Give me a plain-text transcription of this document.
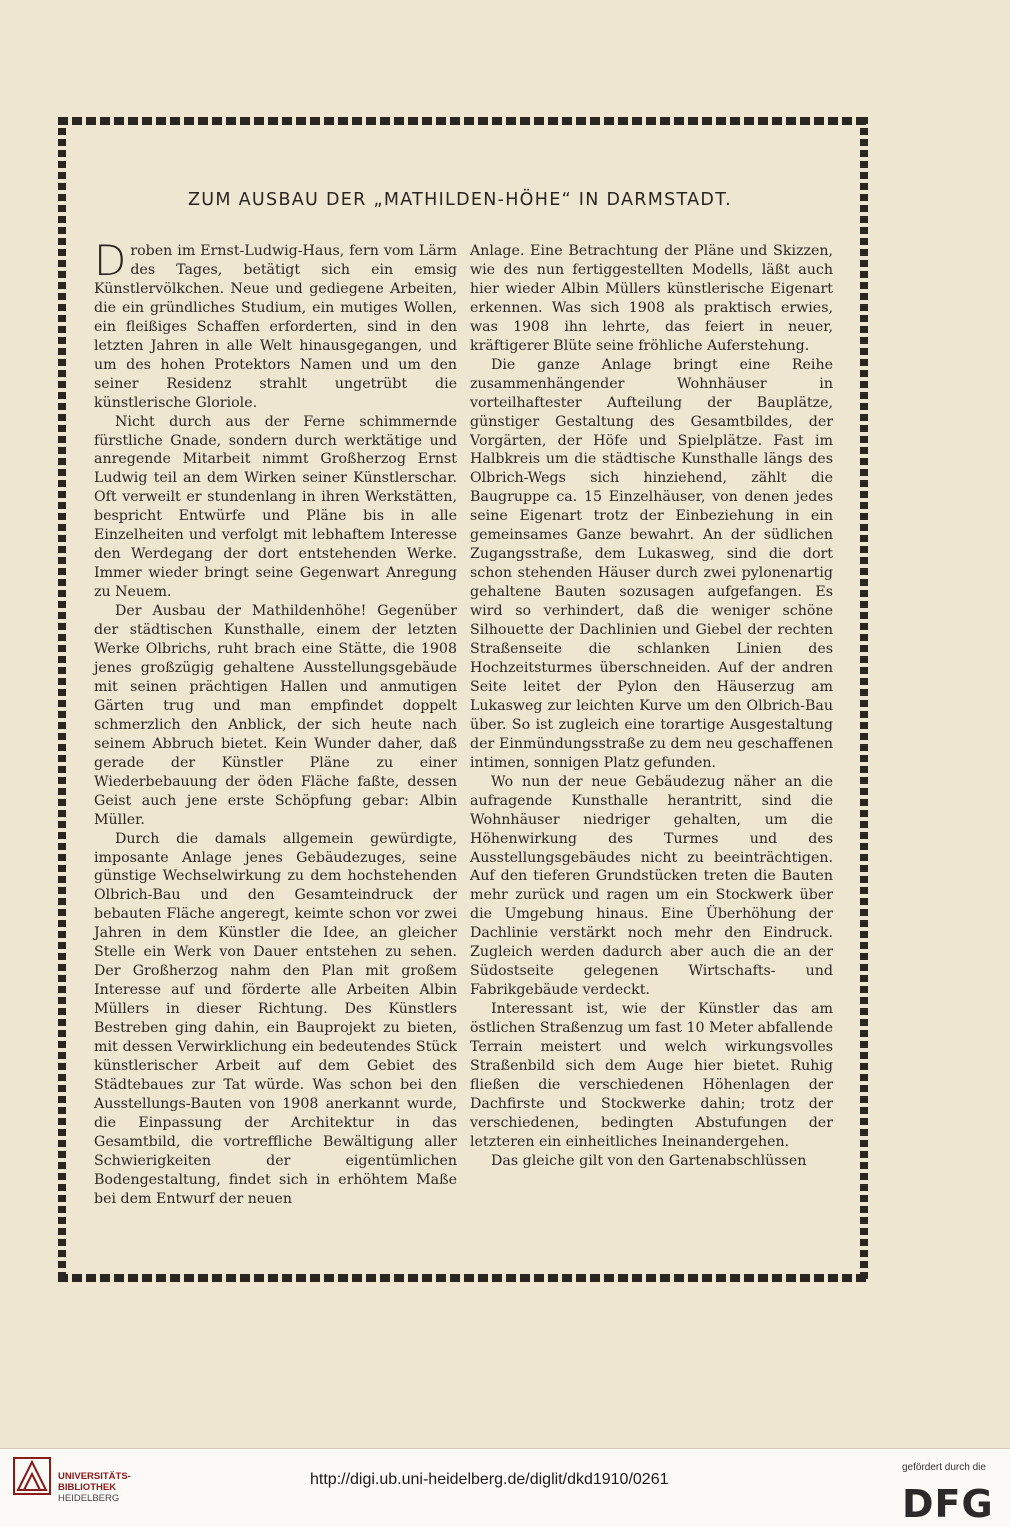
ZUM AUSBAU DER „MATHILDEN-HÖHE“ IN DARMSTADT.

Droben im Ernst-Ludwig-Haus, fern vom Lärm des Tages, betätigt sich ein emsig Künstlervölkchen. Neue und gediegene Arbeiten, die ein gründliches Studium, ein mutiges Wollen, ein fleißiges Schaffen erforderten, sind in den letzten Jahren in alle Welt hinausgegangen, und um des hohen Protektors Namen und um den seiner Residenz strahlt ungetrübt die künstlerische Gloriole.

Nicht durch aus der Ferne schimmernde fürstliche Gnade, sondern durch werktätige und anregende Mitarbeit nimmt Großherzog Ernst Ludwig teil an dem Wirken seiner Künstlerschar. Oft verweilt er stundenlang in ihren Werkstätten, bespricht Entwürfe und Pläne bis in alle Einzelheiten und verfolgt mit lebhaftem Interesse den Werdegang der dort entstehenden Werke. Immer wieder bringt seine Gegenwart Anregung zu Neuem.

Der Ausbau der Mathildenhöhe! Gegenüber der städtischen Kunsthalle, einem der letzten Werke Olbrichs, ruht brach eine Stätte, die 1908 jenes großzügig gehaltene Ausstellungsgebäude mit seinen prächtigen Hallen und anmutigen Gärten trug und man empfindet doppelt schmerzlich den Anblick, der sich heute nach seinem Abbruch bietet. Kein Wunder daher, daß gerade der Künstler Pläne zu einer Wiederbebauung der öden Fläche faßte, dessen Geist auch jene erste Schöpfung gebar: Albin Müller.

Durch die damals allgemein gewürdigte, imposante Anlage jenes Gebäudezuges, seine günstige Wechselwirkung zu dem hochstehenden Olbrich-Bau und den Gesamteindruck der bebauten Fläche angeregt, keimte schon vor zwei Jahren in dem Künstler die Idee, an gleicher Stelle ein Werk von Dauer entstehen zu sehen. Der Großherzog nahm den Plan mit großem Interesse auf und förderte alle Arbeiten Albin Müllers in dieser Richtung. Des Künstlers Bestreben ging dahin, ein Bauprojekt zu bieten, mit dessen Verwirklichung ein bedeutendes Stück künstlerischer Arbeit auf dem Gebiet des Städtebaues zur Tat würde. Was schon bei den Ausstellungs-Bauten von 1908 anerkannt wurde, die Einpassung der Architektur in das Gesamtbild, die vortreffliche Bewältigung aller Schwierigkeiten der eigentümlichen Bodengestaltung, findet sich in erhöhtem Maße bei dem Entwurf der neuen

Anlage. Eine Betrachtung der Pläne und Skizzen, wie des nun fertiggestellten Modells, läßt auch hier wieder Albin Müllers künstlerische Eigenart erkennen. Was sich 1908 als praktisch erwies, was 1908 ihn lehrte, das feiert in neuer, kräftigerer Blüte seine fröhliche Auferstehung.

Die ganze Anlage bringt eine Reihe zusammenhängender Wohnhäuser in vorteilhaftester Aufteilung der Bauplätze, günstiger Gestaltung des Gesamtbildes, der Vorgärten, der Höfe und Spielplätze. Fast im Halbkreis um die städtische Kunsthalle längs des Olbrich-Wegs sich hinziehend, zählt die Baugruppe ca. 15 Einzelhäuser, von denen jedes seine Eigenart trotz der Einbeziehung in ein gemeinsames Ganze bewahrt. An der südlichen Zugangsstraße, dem Lukasweg, sind die dort schon stehenden Häuser durch zwei pylonenartig gehaltene Bauten sozusagen aufgefangen. Es wird so verhindert, daß die weniger schöne Silhouette der Dachlinien und Giebel der rechten Straßenseite die schlanken Linien des Hochzeitsturmes überschneiden. Auf der andren Seite leitet der Pylon den Häuserzug am Lukasweg zur leichten Kurve um den Olbrich-Bau über. So ist zugleich eine torartige Ausgestaltung der Einmündungsstraße zu dem neu geschaffenen intimen, sonnigen Platz gefunden.

Wo nun der neue Gebäudezug näher an die aufragende Kunsthalle herantritt, sind die Wohnhäuser niedriger gehalten, um die Höhenwirkung des Turmes und des Ausstellungsgebäudes nicht zu beeinträchtigen. Auf den tieferen Grundstücken treten die Bauten mehr zurück und ragen um ein Stockwerk über die Umgebung hinaus. Eine Überhöhung der Dachlinie verstärkt noch mehr den Eindruck. Zugleich werden dadurch aber auch die an der Südostseite gelegenen Wirtschafts- und Fabrikgebäude verdeckt.

Interessant ist, wie der Künstler das am östlichen Straßenzug um fast 10 Meter abfallende Terrain meistert und welch wirkungsvolles Straßenbild sich dem Auge hier bietet. Ruhig fließen die verschiedenen Höhenlagen der Dachfirste und Stockwerke dahin; trotz der verschiedenen, bedingten Abstufungen der letzteren ein einheitliches Ineinandergehen.

Das gleiche gilt von den Gartenabschlüssen

UNIVERSITÄTS-
BIBLIOTHEK
HEIDELBERG
http://digi.ub.uni-heidelberg.de/diglit/dkd1910/0261
gefördert durch die
DFG
